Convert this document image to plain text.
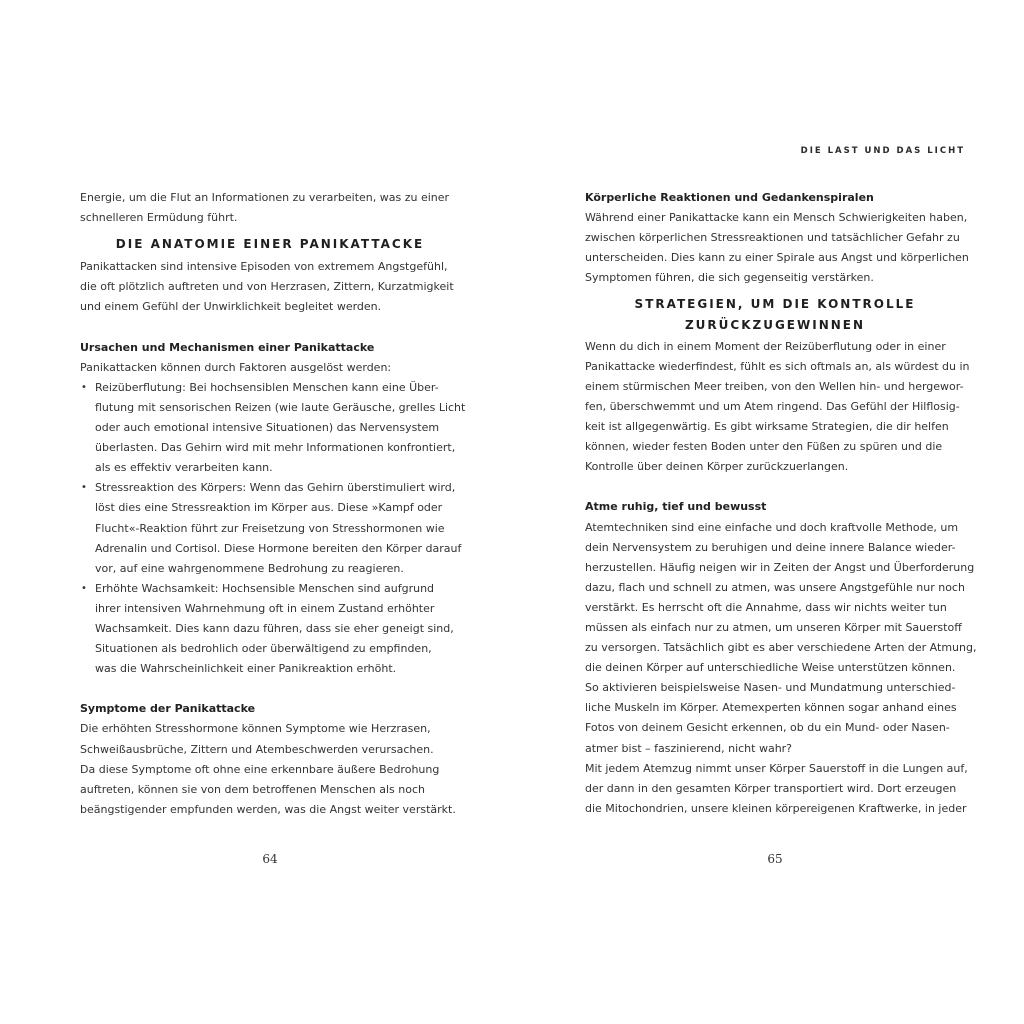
Energie, um die Flut an Informationen zu verarbeiten, was zu einer
schnelleren Ermüdung führt.
DIE ANATOMIE EINER PANIKATTACKE
Panikattacken sind intensive Episoden von extremem Angstgefühl,
die oft plötzlich auftreten und von Herzrasen, Zittern, Kurzatmigkeit
und einem Gefühl der Unwirklichkeit begleitet werden.
Ursachen und Mechanismen einer Panikattacke
Panikattacken können durch Faktoren ausgelöst werden:
• Reizüberflutung: Bei hochsensiblen Menschen kann eine Über-
flutung mit sensorischen Reizen (wie laute Geräusche, grelles Licht
oder auch emotional intensive Situationen) das Nervensystem
überlasten. Das Gehirn wird mit mehr Informationen konfrontiert,
als es effektiv verarbeiten kann.
• Stressreaktion des Körpers: Wenn das Gehirn überstimuliert wird,
löst dies eine Stressreaktion im Körper aus. Diese »Kampf oder
Flucht«-Reaktion führt zur Freisetzung von Stresshormonen wie
Adrenalin und Cortisol. Diese Hormone bereiten den Körper darauf
vor, auf eine wahrgenommene Bedrohung zu reagieren.
• Erhöhte Wachsamkeit: Hochsensible Menschen sind aufgrund
ihrer intensiven Wahrnehmung oft in einem Zustand erhöhter
Wachsamkeit. Dies kann dazu führen, dass sie eher geneigt sind,
Situationen als bedrohlich oder überwältigend zu empfinden,
was die Wahrscheinlichkeit einer Panikreaktion erhöht.
Symptome der Panikattacke
Die erhöhten Stresshormone können Symptome wie Herzrasen,
Schweißausbrüche, Zittern und Atembeschwerden verursachen.
Da diese Symptome oft ohne eine erkennbare äußere Bedrohung
auftreten, können sie von dem betroffenen Menschen als noch
beängstigender empfunden werden, was die Angst weiter verstärkt.
64
DIE LAST UND DAS LICHT
Körperliche Reaktionen und Gedankenspiralen
Während einer Panikattacke kann ein Mensch Schwierigkeiten haben,
zwischen körperlichen Stressreaktionen und tatsächlicher Gefahr zu
unterscheiden. Dies kann zu einer Spirale aus Angst und körperlichen
Symptomen führen, die sich gegenseitig verstärken.
STRATEGIEN, UM DIE KONTROLLE
ZURÜCKZUGEWINNEN
Wenn du dich in einem Moment der Reizüberflutung oder in einer
Panikattacke wiederfindest, fühlt es sich oftmals an, als würdest du in
einem stürmischen Meer treiben, von den Wellen hin- und hergewor-
fen, überschwemmt und um Atem ringend. Das Gefühl der Hilflosig-
keit ist allgegenwärtig. Es gibt wirksame Strategien, die dir helfen
können, wieder festen Boden unter den Füßen zu spüren und die
Kontrolle über deinen Körper zurückzuerlangen.
Atme ruhig, tief und bewusst
Atemtechniken sind eine einfache und doch kraftvolle Methode, um
dein Nervensystem zu beruhigen und deine innere Balance wieder-
herzustellen. Häufig neigen wir in Zeiten der Angst und Überforderung
dazu, flach und schnell zu atmen, was unsere Angstgefühle nur noch
verstärkt. Es herrscht oft die Annahme, dass wir nichts weiter tun
müssen als einfach nur zu atmen, um unseren Körper mit Sauerstoff
zu versorgen. Tatsächlich gibt es aber verschiedene Arten der Atmung,
die deinen Körper auf unterschiedliche Weise unterstützen können.
So aktivieren beispielsweise Nasen- und Mundatmung unterschied-
liche Muskeln im Körper. Atemexperten können sogar anhand eines
Fotos von deinem Gesicht erkennen, ob du ein Mund- oder Nasen-
atmer bist – faszinierend, nicht wahr?
Mit jedem Atemzug nimmt unser Körper Sauerstoff in die Lungen auf,
der dann in den gesamten Körper transportiert wird. Dort erzeugen
die Mitochondrien, unsere kleinen körpereigenen Kraftwerke, in jeder
65
